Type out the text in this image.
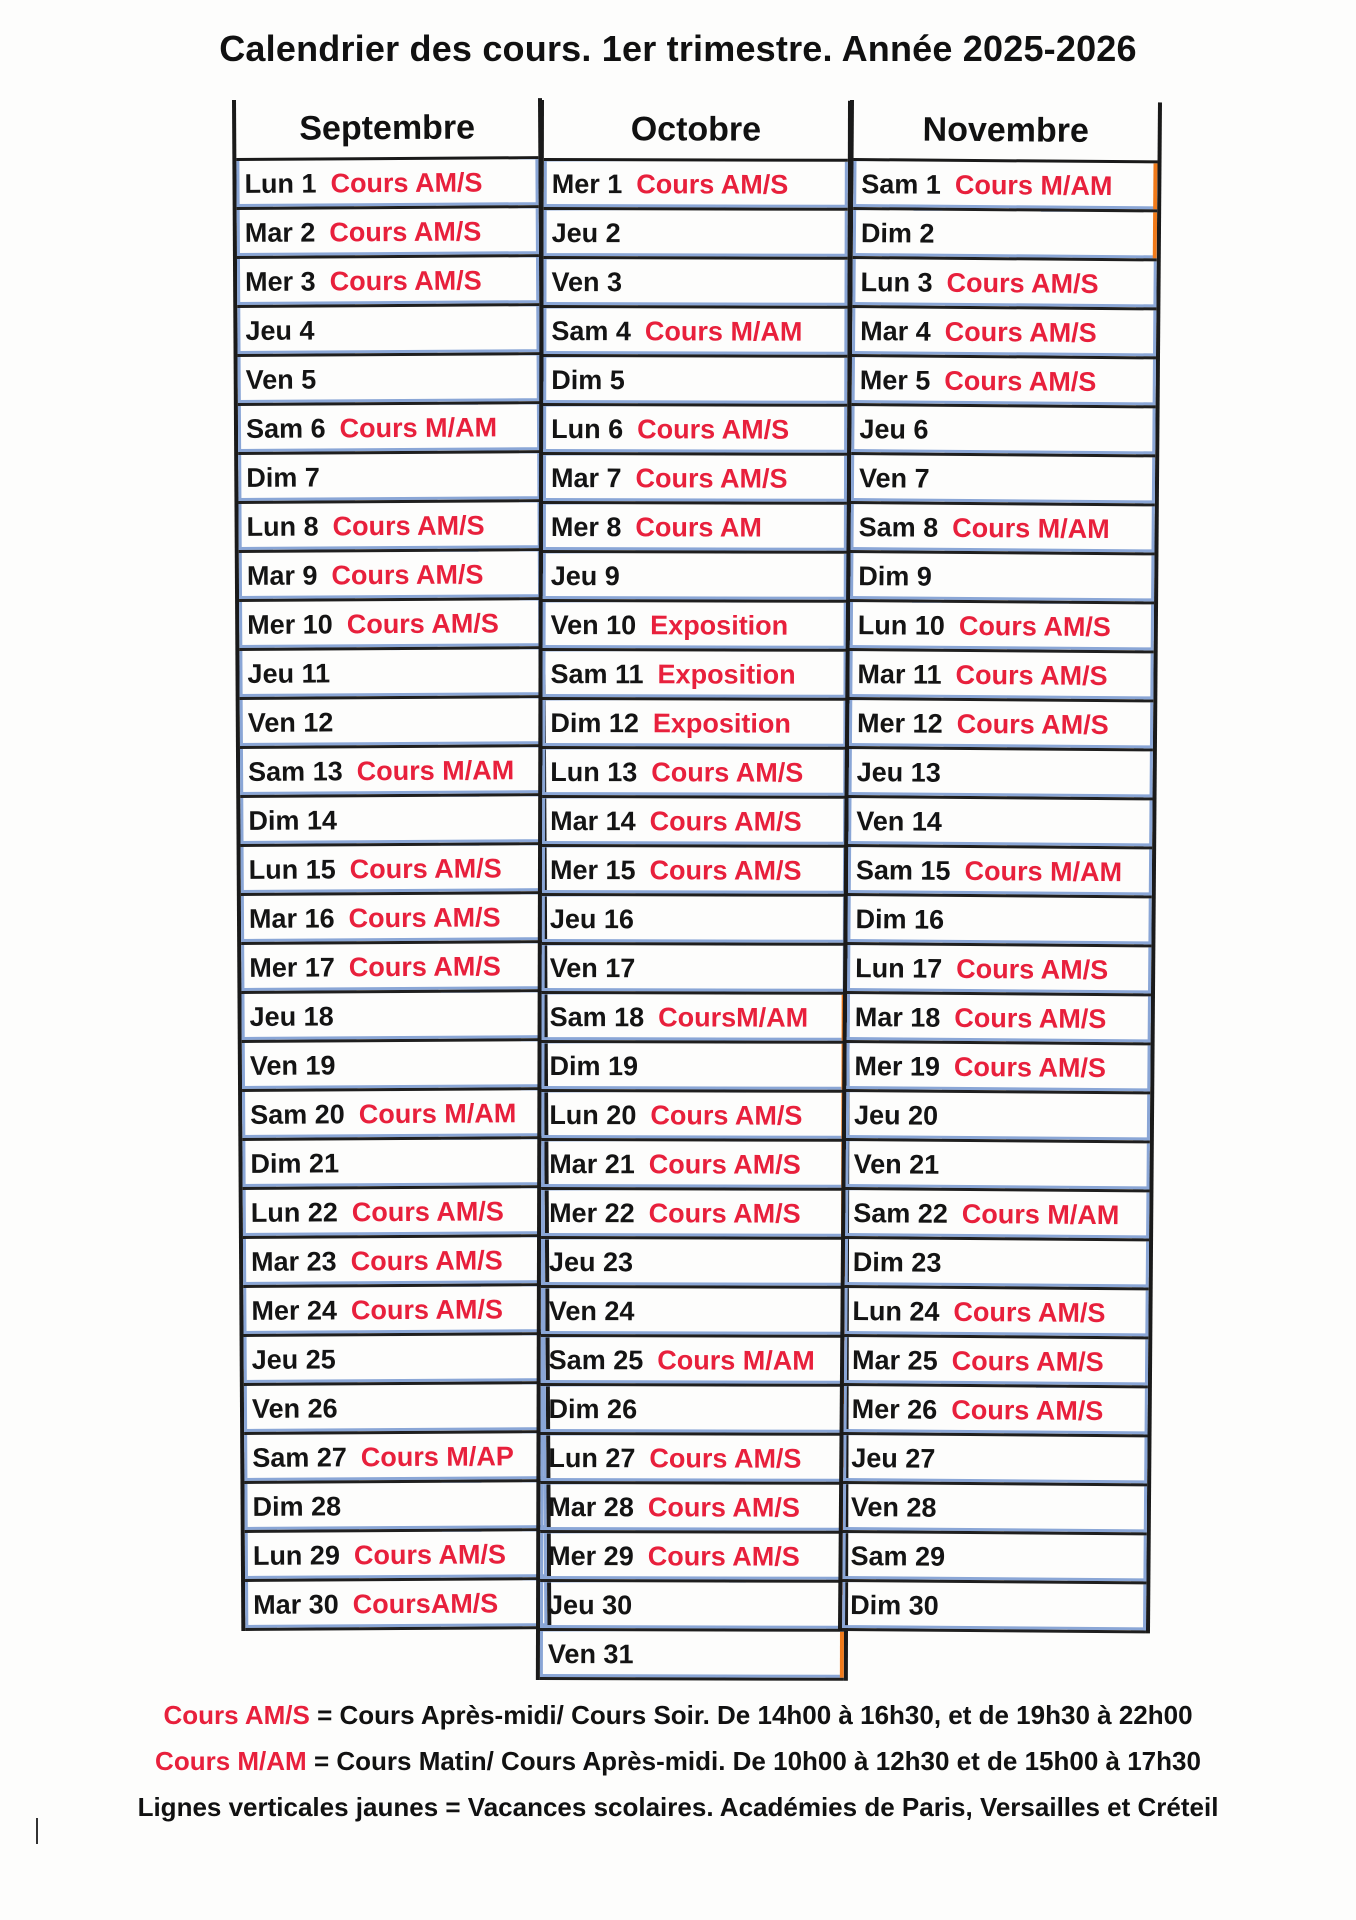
Calendrier des cours. 1er trimestre. Année 2025-2026
Septembre
Lun 1 Cours AM/S
Mar 2 Cours AM/S
Mer 3 Cours AM/S
Jeu 4
Ven 5
Sam 6 Cours M/AM
Dim 7
Lun 8 Cours AM/S
Mar 9 Cours AM/S
Mer 10 Cours AM/S
Jeu 11
Ven 12
Sam 13 Cours M/AM
Dim 14
Lun 15 Cours AM/S
Mar 16 Cours AM/S
Mer 17 Cours AM/S
Jeu 18
Ven 19
Sam 20 Cours M/AM
Dim 21
Lun 22 Cours AM/S
Mar 23 Cours AM/S
Mer 24 Cours AM/S
Jeu 25
Ven 26
Sam 27 Cours M/AP
Dim 28
Lun 29 Cours AM/S
Mar 30 CoursAM/S
Octobre
Mer 1 Cours AM/S
Jeu 2
Ven 3
Sam 4 Cours M/AM
Dim 5
Lun 6 Cours AM/S
Mar 7 Cours AM/S
Mer 8 Cours AM
Jeu 9
Ven 10 Exposition
Sam 11 Exposition
Dim 12 Exposition
Lun 13 Cours AM/S
Mar 14 Cours AM/S
Mer 15 Cours AM/S
Jeu 16
Ven 17
Sam 18 CoursM/AM
Dim 19
Lun 20 Cours AM/S
Mar 21 Cours AM/S
Mer 22 Cours AM/S
Jeu 23
Ven 24
Sam 25 Cours M/AM
Dim 26
Lun 27 Cours AM/S
Mar 28 Cours AM/S
Mer 29 Cours AM/S
Jeu 30
Ven 31
Novembre
Sam 1 Cours M/AM
Dim 2
Lun 3 Cours AM/S
Mar 4 Cours AM/S
Mer 5 Cours AM/S
Jeu 6
Ven 7
Sam 8 Cours M/AM
Dim 9
Lun 10 Cours AM/S
Mar 11 Cours AM/S
Mer 12 Cours AM/S
Jeu 13
Ven 14
Sam 15 Cours M/AM
Dim 16
Lun 17 Cours AM/S
Mar 18 Cours AM/S
Mer 19 Cours AM/S
Jeu 20
Ven 21
Sam 22 Cours M/AM
Dim 23
Lun 24 Cours AM/S
Mar 25 Cours AM/S
Mer 26 Cours AM/S
Jeu 27
Ven 28
Sam 29
Dim 30
Cours AM/S = Cours Après-midi/ Cours Soir. De 14h00 à 16h30, et de 19h30 à 22h00
Cours M/AM = Cours Matin/ Cours Après-midi. De 10h00 à 12h30 et de 15h00 à 17h30
Lignes verticales jaunes = Vacances scolaires. Académies de Paris, Versailles et Créteil
